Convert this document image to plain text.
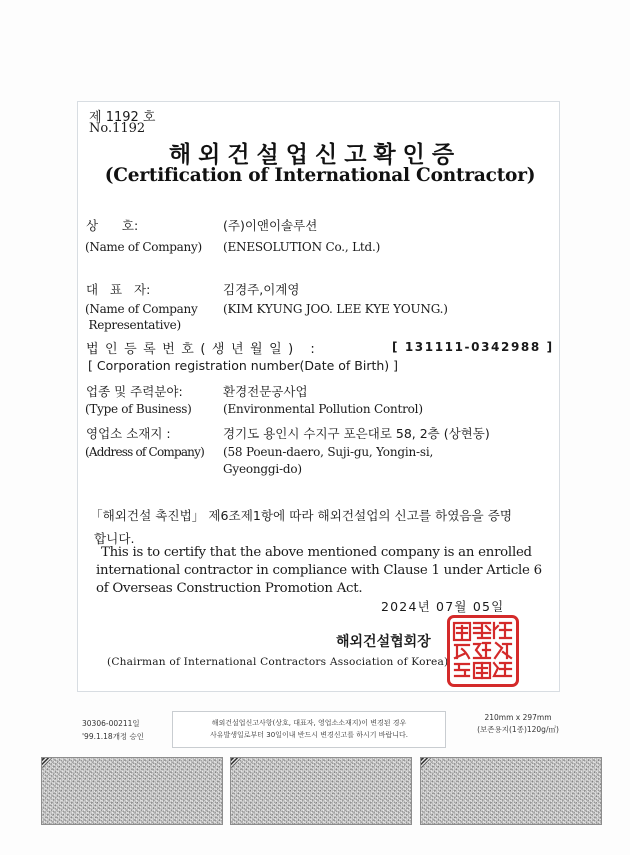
제 1192 호
No.1192
해외건설업신고확인증
(Certification of International Contractor)
상      호:
(Name of Company)
(주)이앤이솔루션
(ENESOLUTION Co., Ltd.)
대   표   자:
(Name of Company
Representative)
김경주,이계영
(KIM KYUNG JOO. LEE KYE YOUNG.)
법인등록번호(생년월일) :	[ 131111-0342988 ]
[ Corporation registration number(Date of Birth) ]
업종 및 주력분야:
(Type of Business)
환경전문공사업
(Environmental Pollution Control)
영업소 소재지 :
(Address of Company)
경기도 용인시 수지구 포은대로 58, 2층 (상현동)
(58 Poeun-daero, Suji-gu, Yongin-si,
Gyeonggi-do)
「해외건설 촉진법」 제6조제1항에 따라 해외건설업의 신고를 하였음을 증명
합니다.
This is to certify that the above mentioned company is an enrolled
international contractor in compliance with Clause 1 under Article 6
of Overseas Construction Promotion Act.
2024년 07월 05일
해외건설협회장
(Chairman of International Contractors Association of Korea)
30306-00211일
'99.1.18개정 승인
해외건설업신고사항(상호, 대표자, 영업소소재지)이 변경된 경우
사유발생일로부터 30일이내 반드시 변경신고를 하시기 바랍니다.
210mm x 297mm
(보존용지(1종)120g/㎡)
